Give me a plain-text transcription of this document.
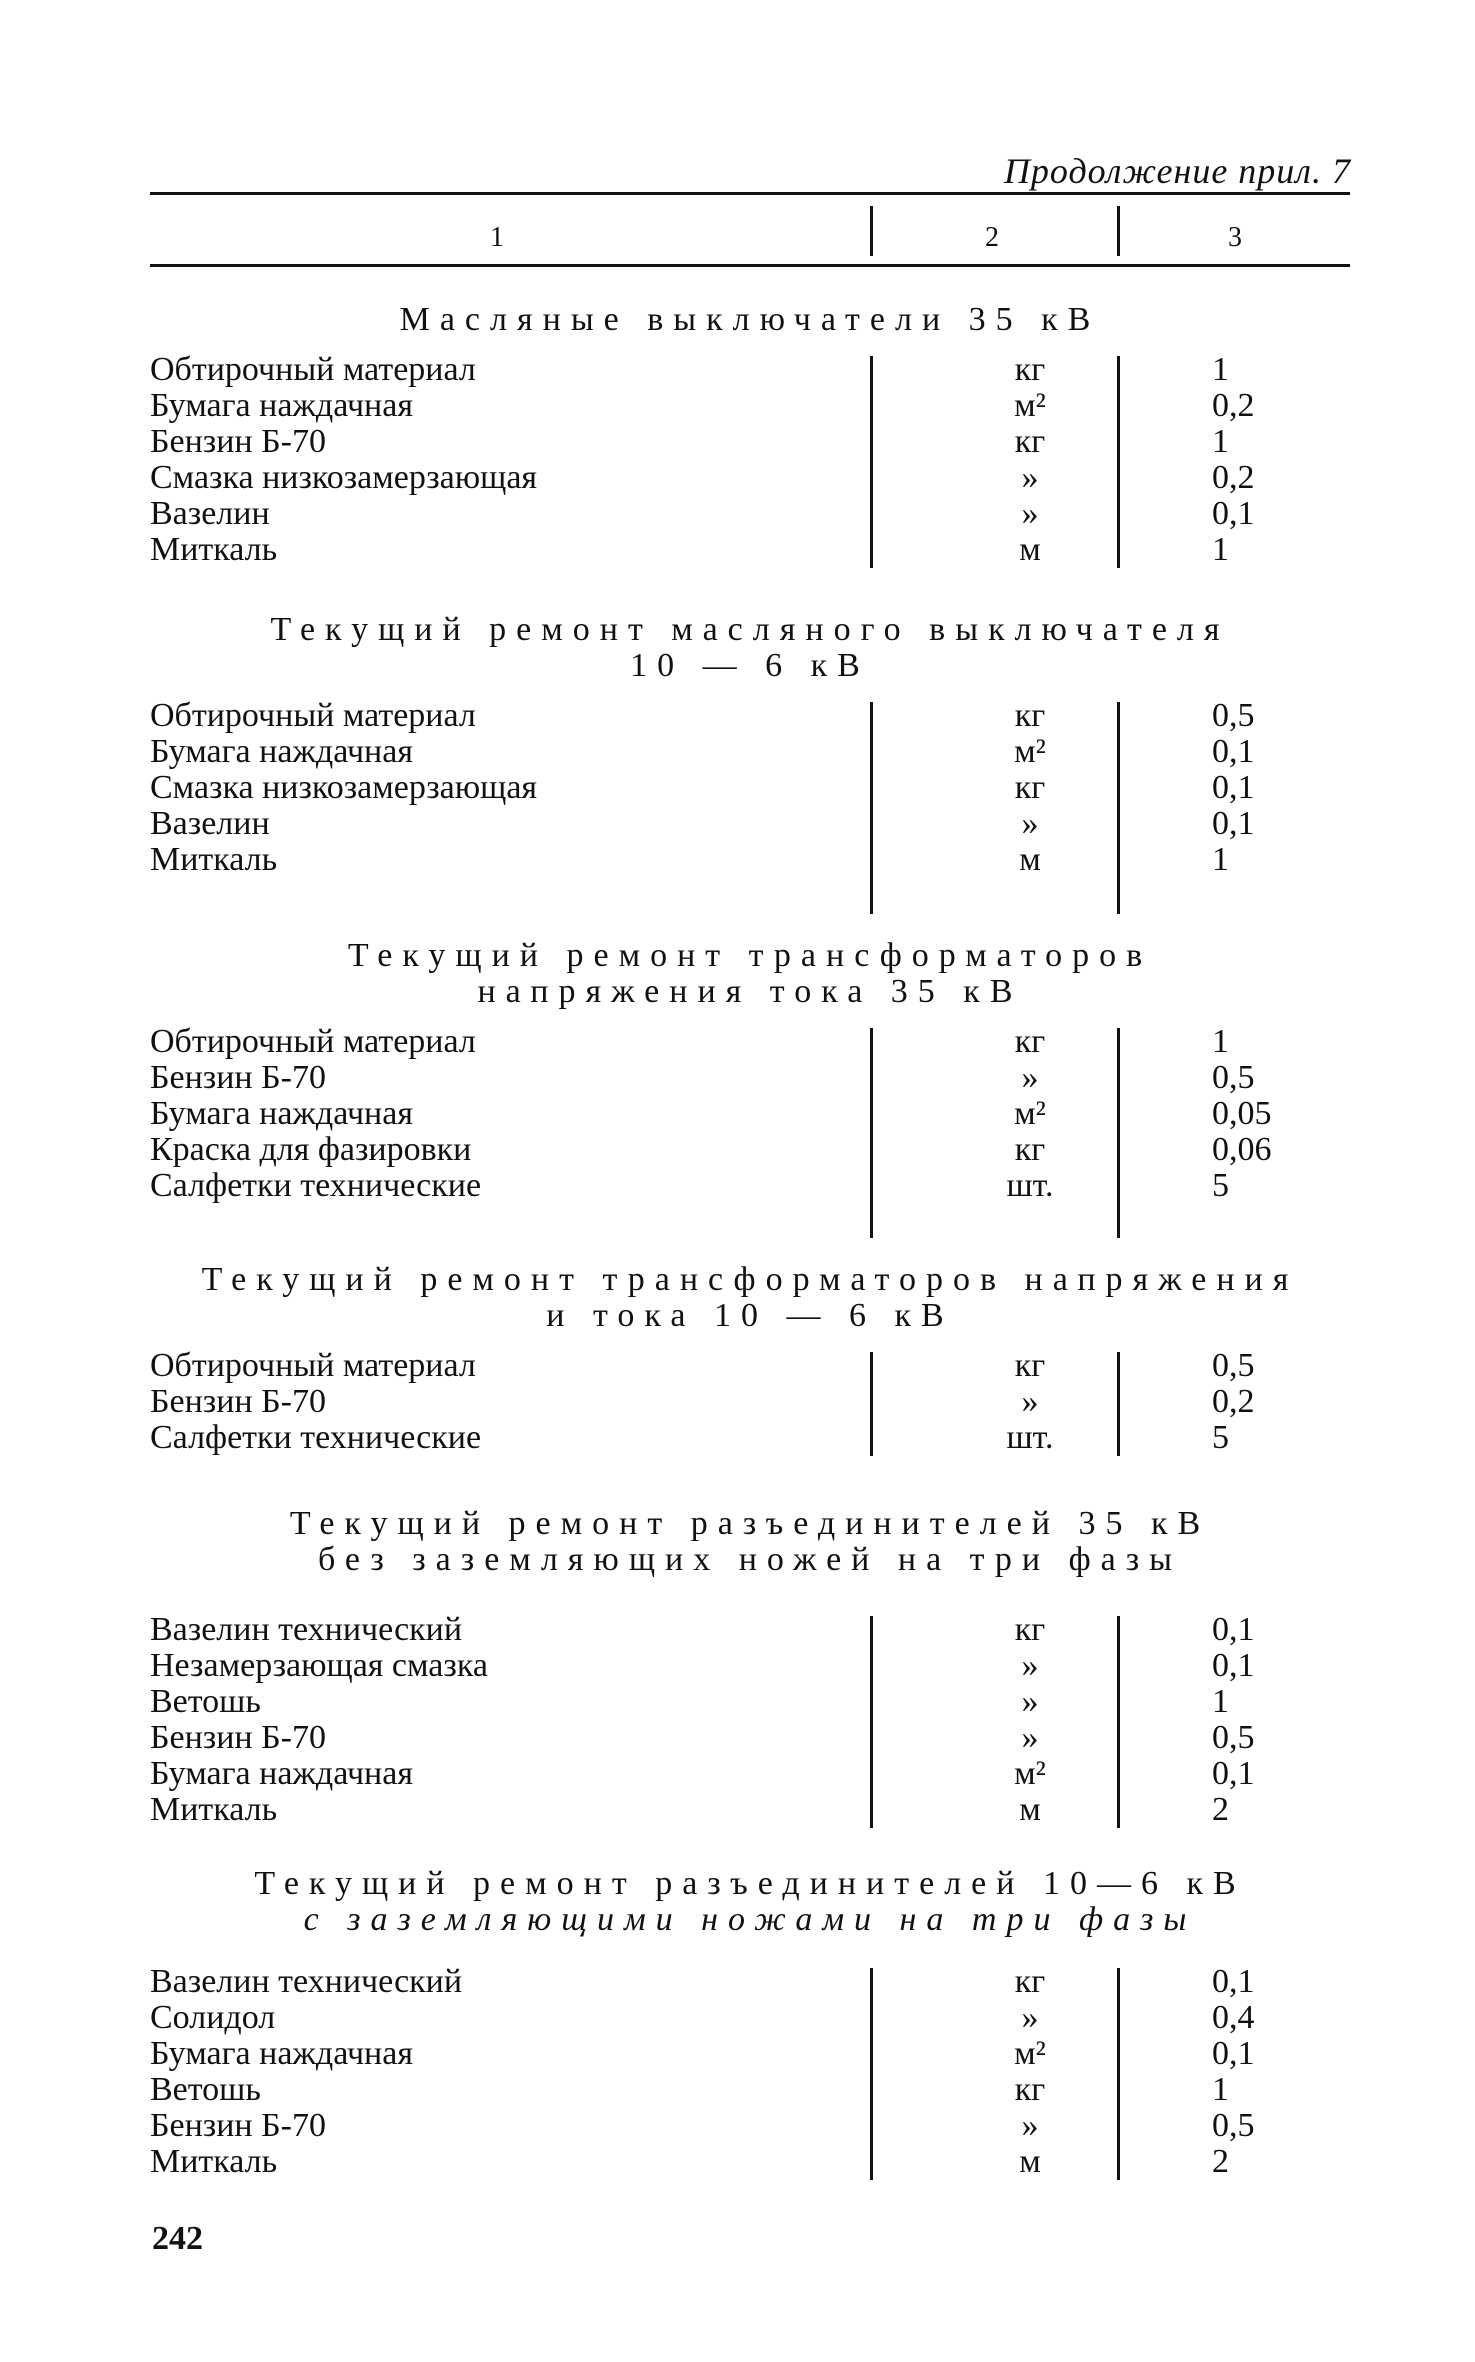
Продолжение прил. 7
1	2	3
Масляные выключатели 35 кВ
Обтирочный материал	кг	1
Бумага наждачная	м²	0,2
Бензин Б-70	кг	1
Смазка низкозамерзающая	»	0,2
Вазелин	»	0,1
Миткаль	м	1
Текущий ремонт масляного выключателя
10 — 6 кВ
Обтирочный материал	кг	0,5
Бумага наждачная	м²	0,1
Смазка низкозамерзающая	кг	0,1
Вазелин	»	0,1
Миткаль	м	1
Текущий ремонт трансформаторов
напряжения тока 35 кВ
Обтирочный материал	кг	1
Бензин Б-70	»	0,5
Бумага наждачная	м²	0,05
Краска для фазировки	кг	0,06
Салфетки технические	шт.	5
Текущий ремонт трансформаторов напряжения
и тока 10 — 6 кВ
Обтирочный материал	кг	0,5
Бензин Б-70	»	0,2
Салфетки технические	шт.	5
Текущий ремонт разъединителей 35 кВ
без заземляющих ножей на три фазы
Вазелин технический	кг	0,1
Незамерзающая смазка	»	0,1
Ветошь	»	1
Бензин Б-70	»	0,5
Бумага наждачная	м²	0,1
Миткаль	м	2
Текущий ремонт разъединителей 10—6 кВ
с заземляющими ножами на три фазы
Вазелин технический	кг	0,1
Солидол	»	0,4
Бумага наждачная	м²	0,1
Ветошь	кг	1
Бензин Б-70	»	0,5
Миткаль	м	2
242
